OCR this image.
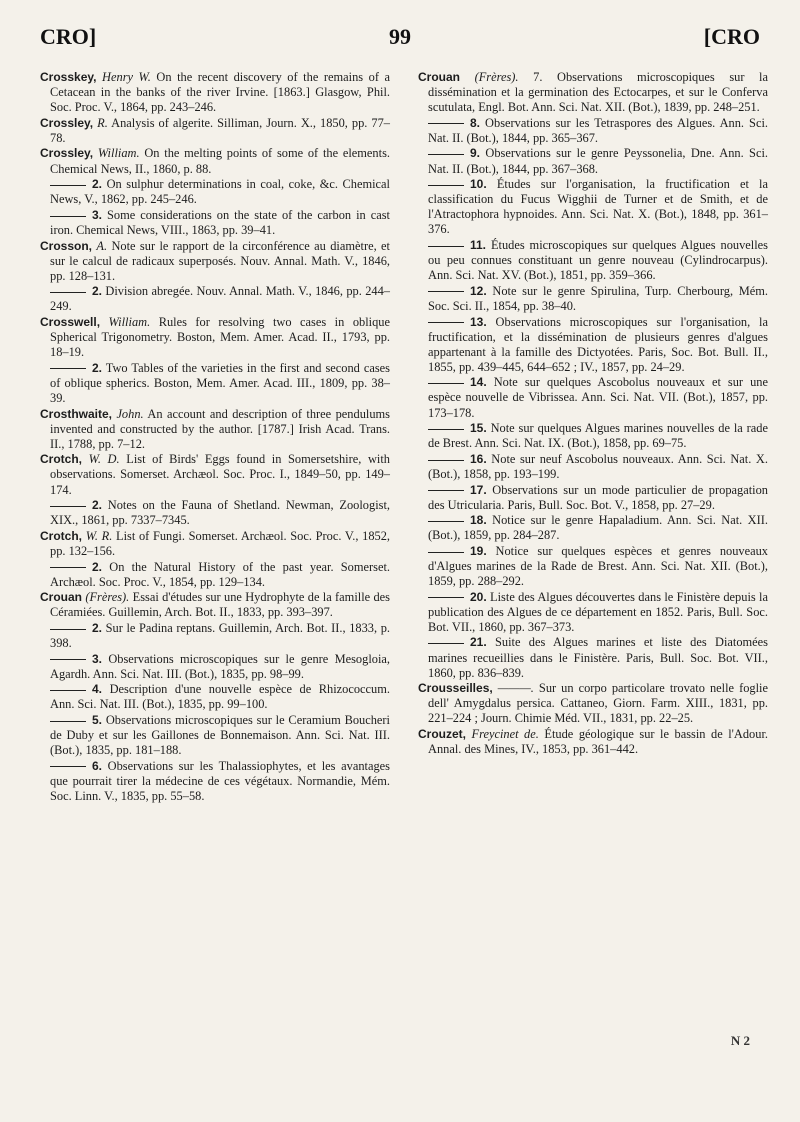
CRO]	99	[CRO

Crosskey, Henry W. On the recent discovery of the remains of a Cetacean in the banks of the river Irvine. [1863.] Glasgow, Phil. Soc. Proc. V., 1864, pp. 243–246.

Crossley, R. Analysis of algerite. Silliman, Journ. X., 1850, pp. 77–78.

Crossley, William. On the melting points of some of the elements. Chemical News, II., 1860, p. 88.

2. On sulphur determinations in coal, coke, &c. Chemical News, V., 1862, pp. 245–246.

3. Some considerations on the state of the carbon in cast iron. Chemical News, VIII., 1863, pp. 39–41.

Crosson, A. Note sur le rapport de la circonférence au diamètre, et sur le calcul de radicaux superposés. Nouv. Annal. Math. V., 1846, pp. 128–131.

2. Division abregée. Nouv. Annal. Math. V., 1846, pp. 244–249.

Crosswell, William. Rules for resolving two cases in oblique Spherical Trigonometry. Boston, Mem. Amer. Acad. II., 1793, pp. 18–19.

2. Two Tables of the varieties in the first and second cases of oblique spherics. Boston, Mem. Amer. Acad. III., 1809, pp. 38–39.

Crosthwaite, John. An account and description of three pendulums invented and constructed by the author. [1787.] Irish Acad. Trans. II., 1788, pp. 7–12.

Crotch, W. D. List of Birds' Eggs found in Somersetshire, with observations. Somerset. Archæol. Soc. Proc. I., 1849–50, pp. 149–174.

2. Notes on the Fauna of Shetland. Newman, Zoologist, XIX., 1861, pp. 7337–7345.

Crotch, W. R. List of Fungi. Somerset. Archæol. Soc. Proc. V., 1852, pp. 132–156.

2. On the Natural History of the past year. Somerset. Archæol. Soc. Proc. V., 1854, pp. 129–134.

Crouan (Frères). Essai d'études sur une Hydrophyte de la famille des Céramiées. Guillemin, Arch. Bot. II., 1833, pp. 393–397.

2. Sur le Padina reptans. Guillemin, Arch. Bot. II., 1833, p. 398.

3. Observations microscopiques sur le genre Mesogloia, Agardh. Ann. Sci. Nat. III. (Bot.), 1835, pp. 98–99.

4. Description d'une nouvelle espèce de Rhizococcum. Ann. Sci. Nat. III. (Bot.), 1835, pp. 99–100.

5. Observations microscopiques sur le Ceramium Boucheri de Duby et sur les Gaillones de Bonnemaison. Ann. Sci. Nat. III. (Bot.), 1835, pp. 181–188.

6. Observations sur les Thalassiophytes, et les avantages que pourrait tirer la médecine de ces végétaux. Normandie, Mém. Soc. Linn. V., 1835, pp. 55–58.

Crouan (Frères). 7. Observations microscopiques sur la dissémination et la germination des Ectocarpes, et sur le Conferva scutulata, Engl. Bot. Ann. Sci. Nat. XII. (Bot.), 1839, pp. 248–251.

8. Observations sur les Tetraspores des Algues. Ann. Sci. Nat. II. (Bot.), 1844, pp. 365–367.

9. Observations sur le genre Peyssonelia, Dne. Ann. Sci. Nat. II. (Bot.), 1844, pp. 367–368.

10. Études sur l'organisation, la fructification et la classification du Fucus Wigghii de Turner et de Smith, et de l'Atractophora hypnoides. Ann. Sci. Nat. X. (Bot.), 1848, pp. 361–376.

11. Études microscopiques sur quelques Algues nouvelles ou peu connues constituant un genre nouveau (Cylindrocarpus). Ann. Sci. Nat. XV. (Bot.), 1851, pp. 359–366.

12. Note sur le genre Spirulina, Turp. Cherbourg, Mém. Soc. Sci. II., 1854, pp. 38–40.

13. Observations microscopiques sur l'organisation, la fructification, et la dissémination de plusieurs genres d'algues appartenant à la famille des Dictyotées. Paris, Soc. Bot. Bull. II., 1855, pp. 439–445, 644–652 ; IV., 1857, pp. 24–29.

14. Note sur quelques Ascobolus nouveaux et sur une espèce nouvelle de Vibrissea. Ann. Sci. Nat. VII. (Bot.), 1857, pp. 173–178.

15. Note sur quelques Algues marines nouvelles de la rade de Brest. Ann. Sci. Nat. IX. (Bot.), 1858, pp. 69–75.

16. Note sur neuf Ascobolus nouveaux. Ann. Sci. Nat. X. (Bot.), 1858, pp. 193–199.

17. Observations sur un mode particulier de propagation des Utricularia. Paris, Bull. Soc. Bot. V., 1858, pp. 27–29.

18. Notice sur le genre Hapaladium. Ann. Sci. Nat. XII. (Bot.), 1859, pp. 284–287.

19. Notice sur quelques espèces et genres nouveaux d'Algues marines de la Rade de Brest. Ann. Sci. Nat. XII. (Bot.), 1859, pp. 288–292.

20. Liste des Algues découvertes dans le Finistère depuis la publication des Algues de ce département en 1852. Paris, Bull. Soc. Bot. VII., 1860, pp. 367–373.

21. Suite des Algues marines et liste des Diatomées marines recueillies dans le Finistère. Paris, Bull. Soc. Bot. VII., 1860, pp. 836–839.

Crousseilles, ———. Sur un corpo particolare trovato nelle foglie dell' Amygdalus persica. Cattaneo, Giorn. Farm. XIII., 1831, pp. 221–224 ; Journ. Chimie Méd. VII., 1831, pp. 22–25.

Crouzet, Freycinet de. Étude géologique sur le bassin de l'Adour. Annal. des Mines, IV., 1853, pp. 361–442.

N 2
